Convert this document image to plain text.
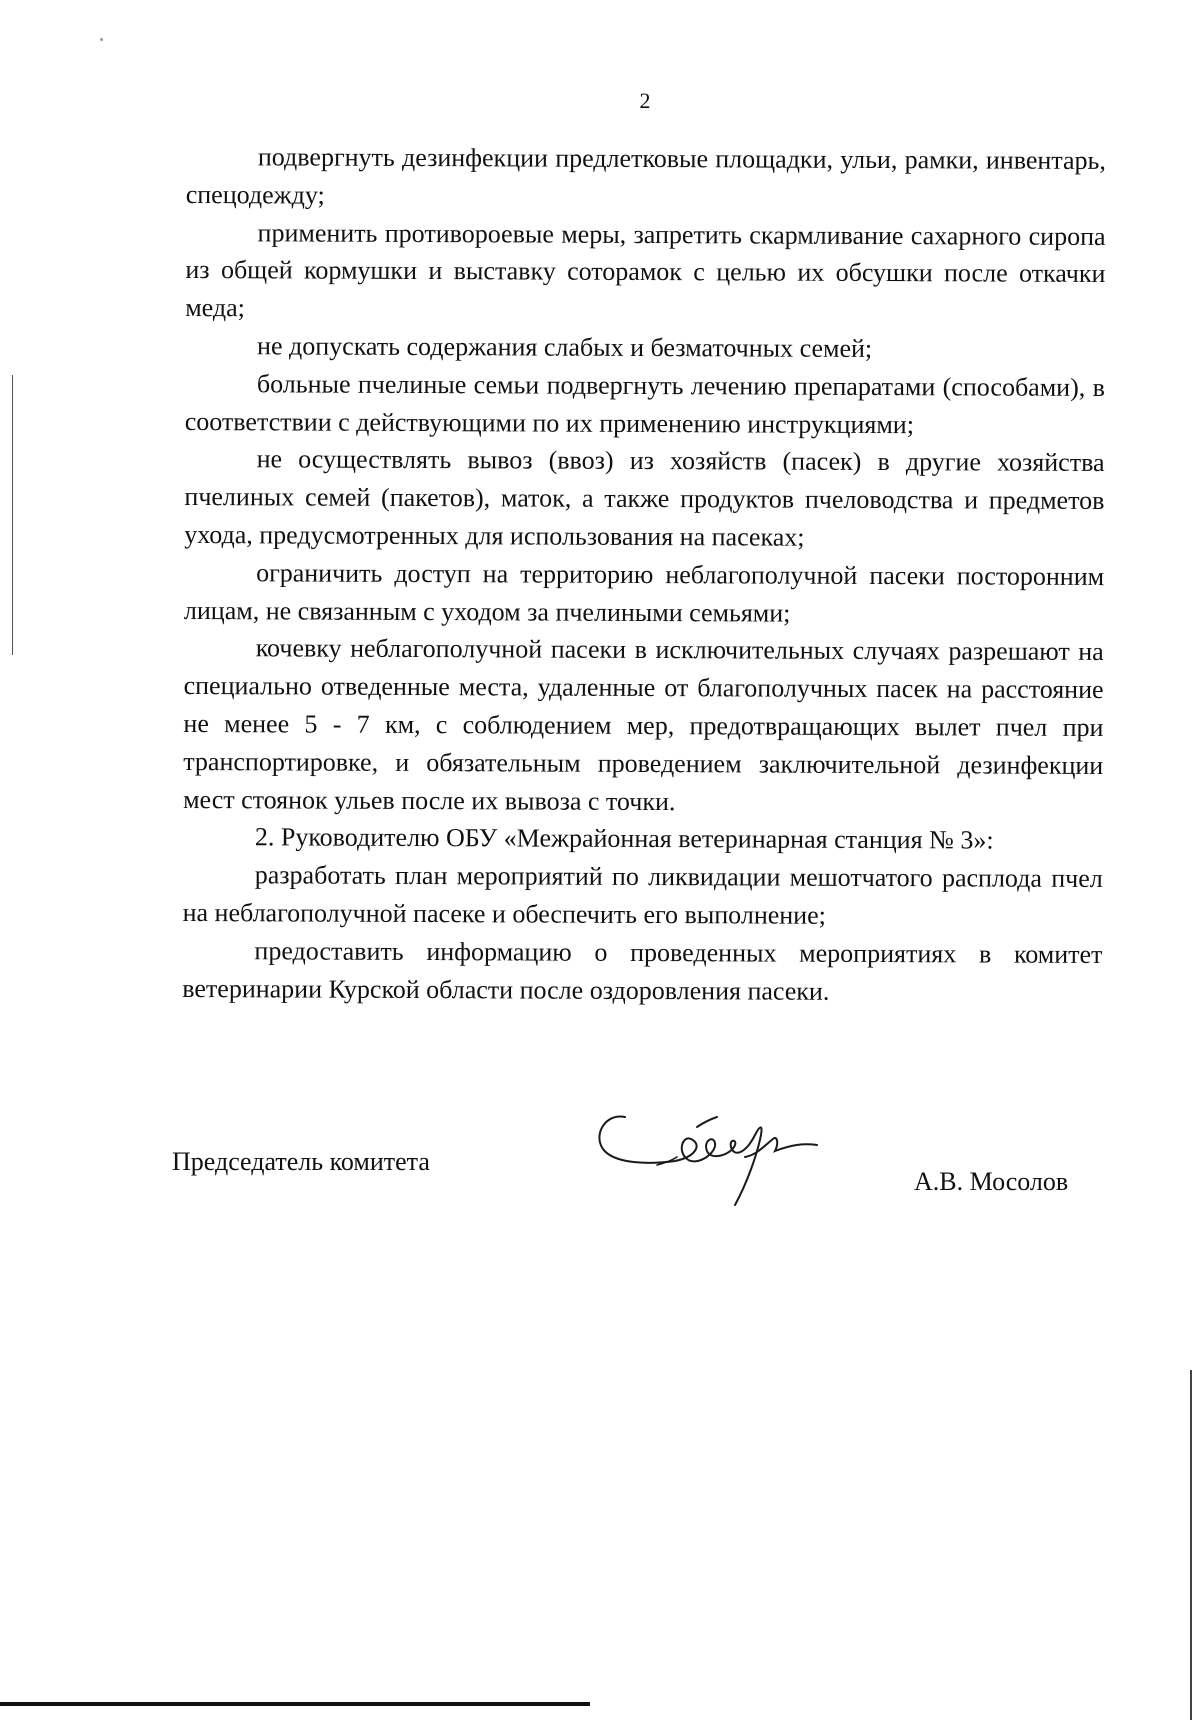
2

подвергнуть дезинфекции предлетковые площадки, ульи, рамки, инвентарь, спецодежду;

применить противороевые меры, запретить скармливание сахарного сиропа из общей кормушки и выставку соторамок с целью их обсушки после откачки меда;

не допускать содержания слабых и безматочных семей;

больные пчелиные семьи подвергнуть лечению препаратами (способами), в соответствии с действующими по их применению инструкциями;

не осуществлять вывоз (ввоз) из хозяйств (пасек) в другие хозяйства пчелиных семей (пакетов), маток, а также продуктов пчеловодства и предметов ухода, предусмотренных для использования на пасеках;

ограничить доступ на территорию неблагополучной пасеки посторонним лицам, не связанным с уходом за пчелиными семьями;

кочевку неблагополучной пасеки в исключительных случаях разрешают на специально отведенные места, удаленные от благополучных пасек на расстояние не менее 5 - 7 км, с соблюдением мер, предотвращающих вылет пчел при транспортировке, и обязательным проведением заключительной дезинфекции мест стоянок ульев после их вывоза с точки.

2. Руководителю ОБУ «Межрайонная ветеринарная станция № 3»:

разработать план мероприятий по ликвидации мешотчатого расплода пчел на неблагополучной пасеке и обеспечить его выполнение;

предоставить информацию о проведенных мероприятиях в комитет ветеринарии Курской области после оздоровления пасеки.

Председатель комитета
А.В. Мосолов
